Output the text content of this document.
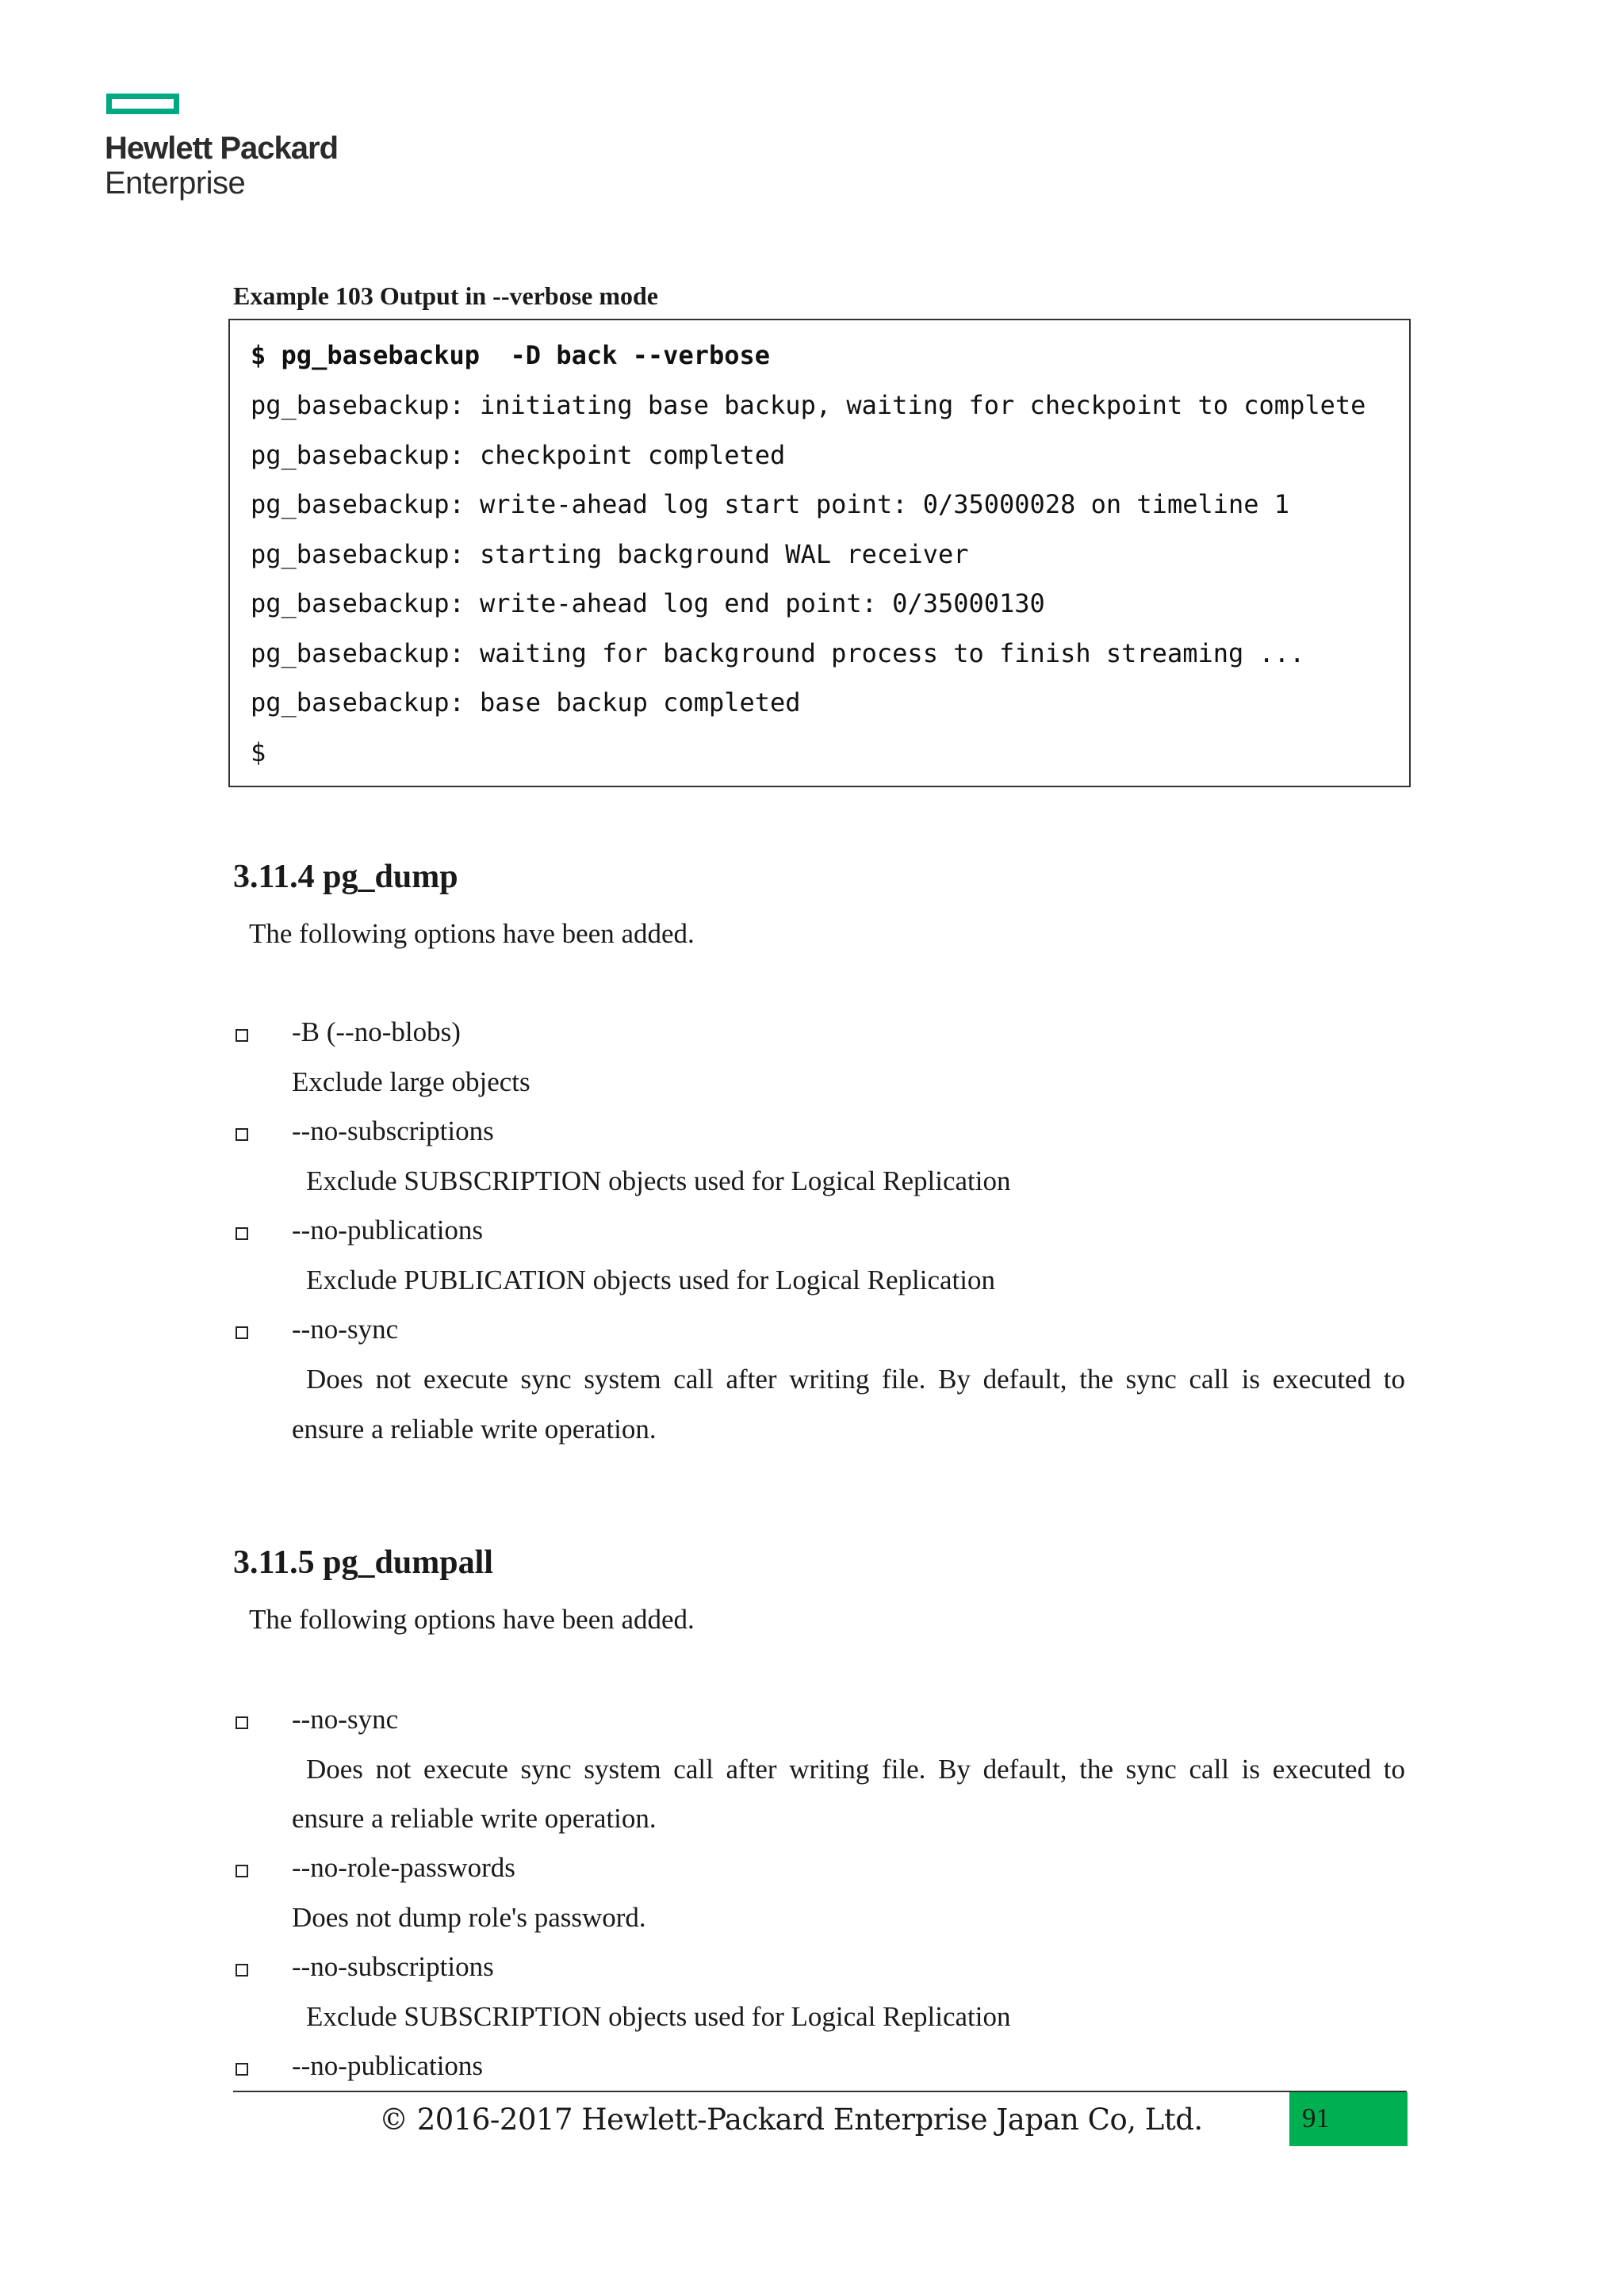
Hewlett Packard
Enterprise
Example 103 Output in --verbose mode
$ pg_basebackup  -D back --verbose
pg_basebackup: initiating base backup, waiting for checkpoint to complete
pg_basebackup: checkpoint completed
pg_basebackup: write-ahead log start point: 0/35000028 on timeline 1
pg_basebackup: starting background WAL receiver
pg_basebackup: write-ahead log end point: 0/35000130
pg_basebackup: waiting for background process to finish streaming ...
pg_basebackup: base backup completed
$
3.11.4 pg_dump
The following options have been added.
-B (--no-blobs)
Exclude large objects
--no-subscriptions
Exclude SUBSCRIPTION objects used for Logical Replication
--no-publications
Exclude PUBLICATION objects used for Logical Replication
--no-sync
Does not execute sync system call after writing file. By default, the sync call is executed to
ensure a reliable write operation.
3.11.5 pg_dumpall
The following options have been added.
--no-sync
Does not execute sync system call after writing file. By default, the sync call is executed to
ensure a reliable write operation.
--no-role-passwords
Does not dump role's password.
--no-subscriptions
Exclude SUBSCRIPTION objects used for Logical Replication
--no-publications
© 2016-2017 Hewlett-Packard Enterprise Japan Co, Ltd.	91
